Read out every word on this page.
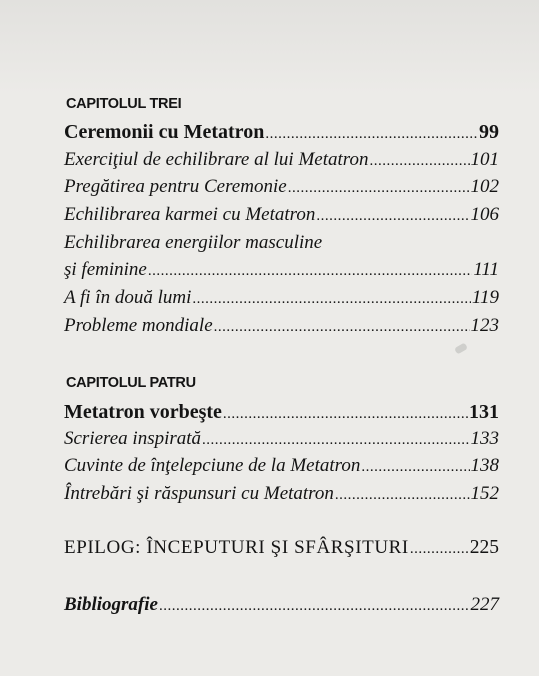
CAPITOLUL TREI
Ceremonii cu Metatron .....	99
Exerciţiul de echilibrare al lui Metatron .....	101
Pregătirea pentru Ceremonie .....	102
Echilibrarea karmei cu Metatron .....	106
Echilibrarea energiilor masculine
şi feminine .....	111
A fi în două lumi .....	119
Probleme mondiale .....	123
CAPITOLUL PATRU
Metatron vorbeşte .....	131
Scrierea inspirată .....	133
Cuvinte de înţelepciune de la Metatron .....	138
Întrebări şi răspunsuri cu Metatron .....	152
EPILOG: ÎNCEPUTURI ŞI SFÂRŞITURI .....	225
Bibliografie .....	227
